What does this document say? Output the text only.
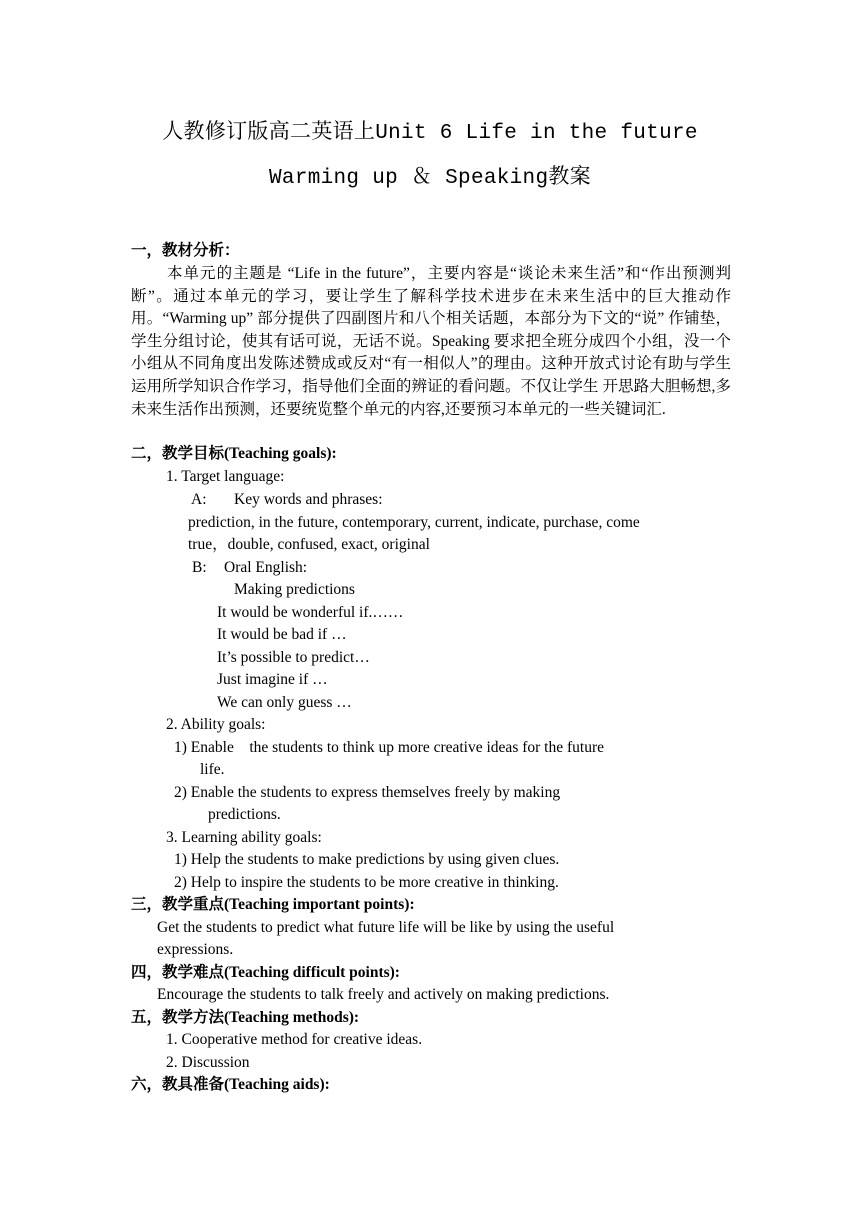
人教修订版高二英语上Unit 6 Life in the future
Warming up ＆ Speaking教案
一，教材分析：
本单元的主题是 “Life in the future”，主要内容是“谈论未来生活”和“作出预测判断”。通过本单元的学习，要让学生了解科学技术进步在未来生活中的巨大推动作用。“Warming up” 部分提供了四副图片和八个相关话题，本部分为下文的“说” 作铺垫，学生分组讨论，使其有话可说，无话不说。Speaking 要求把全班分成四个小组，没一个小组从不同角度出发陈述赞成或反对“有一相似人”的理由。这种开放式讨论有助与学生运用所学知识合作学习，指导他们全面的辨证的看问题。不仅让学生 开思路大胆畅想,多未来生活作出预测，还要统览整个单元的内容,还要预习本单元的一些关键词汇.
二，教学目标(Teaching goals):
1. Target language:
A: Key words and phrases:
prediction, in the future, contemporary, current, indicate, purchase, come
true，double, confused, exact, original
B: Oral English:
Making predictions
It would be wonderful if.……
It would be bad if …
It’s possible to predict…
Just imagine if …
We can only guess …
2. Ability goals:
1) Enable    the students to think up more creative ideas for the future
life.
2) Enable the students to express themselves freely by making
predictions.
3. Learning ability goals:
1) Help the students to make predictions by using given clues.
2) Help to inspire the students to be more creative in thinking.
三，教学重点(Teaching important points):
Get the students to predict what future life will be like by using the useful
expressions.
四，教学难点(Teaching difficult points):
Encourage the students to talk freely and actively on making predictions.
五，教学方法(Teaching methods):
1. Cooperative method for creative ideas.
2. Discussion
六，教具准备(Teaching aids):
